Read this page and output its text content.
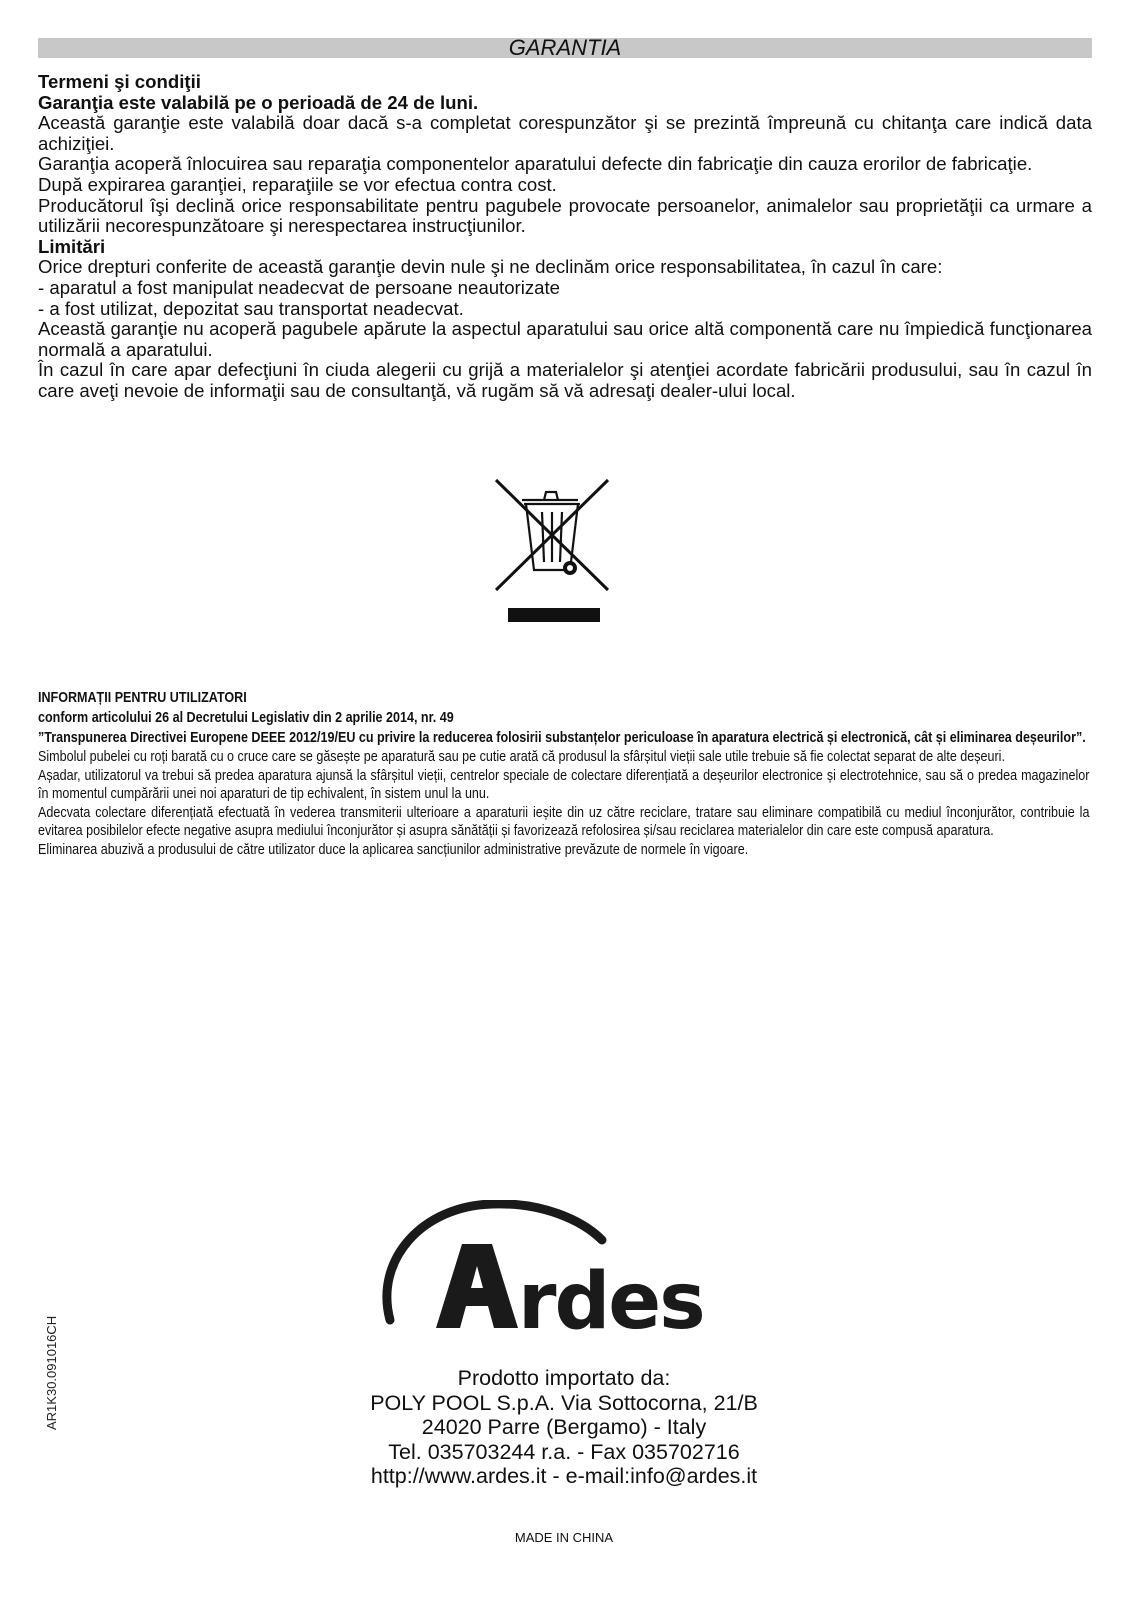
GARANTIA

Termeni şi condiţii

Garanţia este valabilă pe o perioadă de 24 de luni.

Această garanţie este valabilă doar dacă s-a completat corespunzător şi se prezintă împreună cu chitanţa care indică data achiziţiei.

Garanţia acoperă înlocuirea sau reparaţia componentelor aparatului defecte din fabricaţie din cauza erorilor de fabricaţie.

După expirarea garanţiei, reparaţiile se vor efectua contra cost.

Producătorul îşi declină orice responsabilitate pentru pagubele provocate persoanelor, animalelor sau proprietăţii ca urmare a utilizării necorespunzătoare şi nerespectarea instrucţiunilor.

Limitări

Orice drepturi conferite de această garanţie devin nule şi ne declinăm orice responsabilitatea, în cazul în care:

- aparatul a fost manipulat neadecvat de persoane neautorizate

- a fost utilizat, depozitat sau transportat neadecvat.

Această garanţie nu acoperă pagubele apărute la aspectul aparatului sau orice altă componentă care nu împiedică funcţionarea normală a aparatului.

În cazul în care apar defecţiuni în ciuda alegerii cu grijă a materialelor şi atenţiei acordate fabricării produsului, sau în cazul în care aveţi nevoie de informaţii sau de consultanţă, vă rugăm să vă adresaţi dealer-ului local.

INFORMAȚII PENTRU UTILIZATORI

conform articolului 26 al Decretului Legislativ din 2 aprilie 2014, nr. 49

”Transpunerea Directivei Europene DEEE 2012/19/EU cu privire la reducerea folosirii substanțelor periculoase în aparatura electrică și electronică, cât și eliminarea deșeurilor”.

Simbolul pubelei cu roți barată cu o cruce care se găsește pe aparatură sau pe cutie arată că produsul la sfârșitul vieții sale utile trebuie să fie colectat separat de alte deșeuri.

Așadar, utilizatorul va trebui să predea aparatura ajunsă la sfârșitul vieții, centrelor speciale de colectare diferențiată a deșeurilor electronice și electrotehnice, sau să o predea magazinelor în momentul cumpărării unei noi aparaturi de tip echivalent, în sistem unul la unu.

Adecvata colectare diferențiată efectuată în vederea transmiterii ulterioare a aparaturii ieșite din uz către reciclare, tratare sau eliminare compatibilă cu mediul înconjurător, contribuie la evitarea posibilelor efecte negative asupra mediului înconjurător și asupra sănătății și favorizează refolosirea și/sau reciclarea materialelor din care este compusă aparatura.

Eliminarea abuzivă a produsului de către utilizator duce la aplicarea sancțiunilor administrative prevăzute de normele în vigoare.

rdes
AR1K30.091016CH	Prodotto importato da:
POLY POOL S.p.A. Via Sottocorna, 21/B
24020 Parre (Bergamo) - Italy
Tel. 035703244 r.a. - Fax 035702716
http://www.ardes.it - e-mail:info@ardes.it
MADE IN CHINA
